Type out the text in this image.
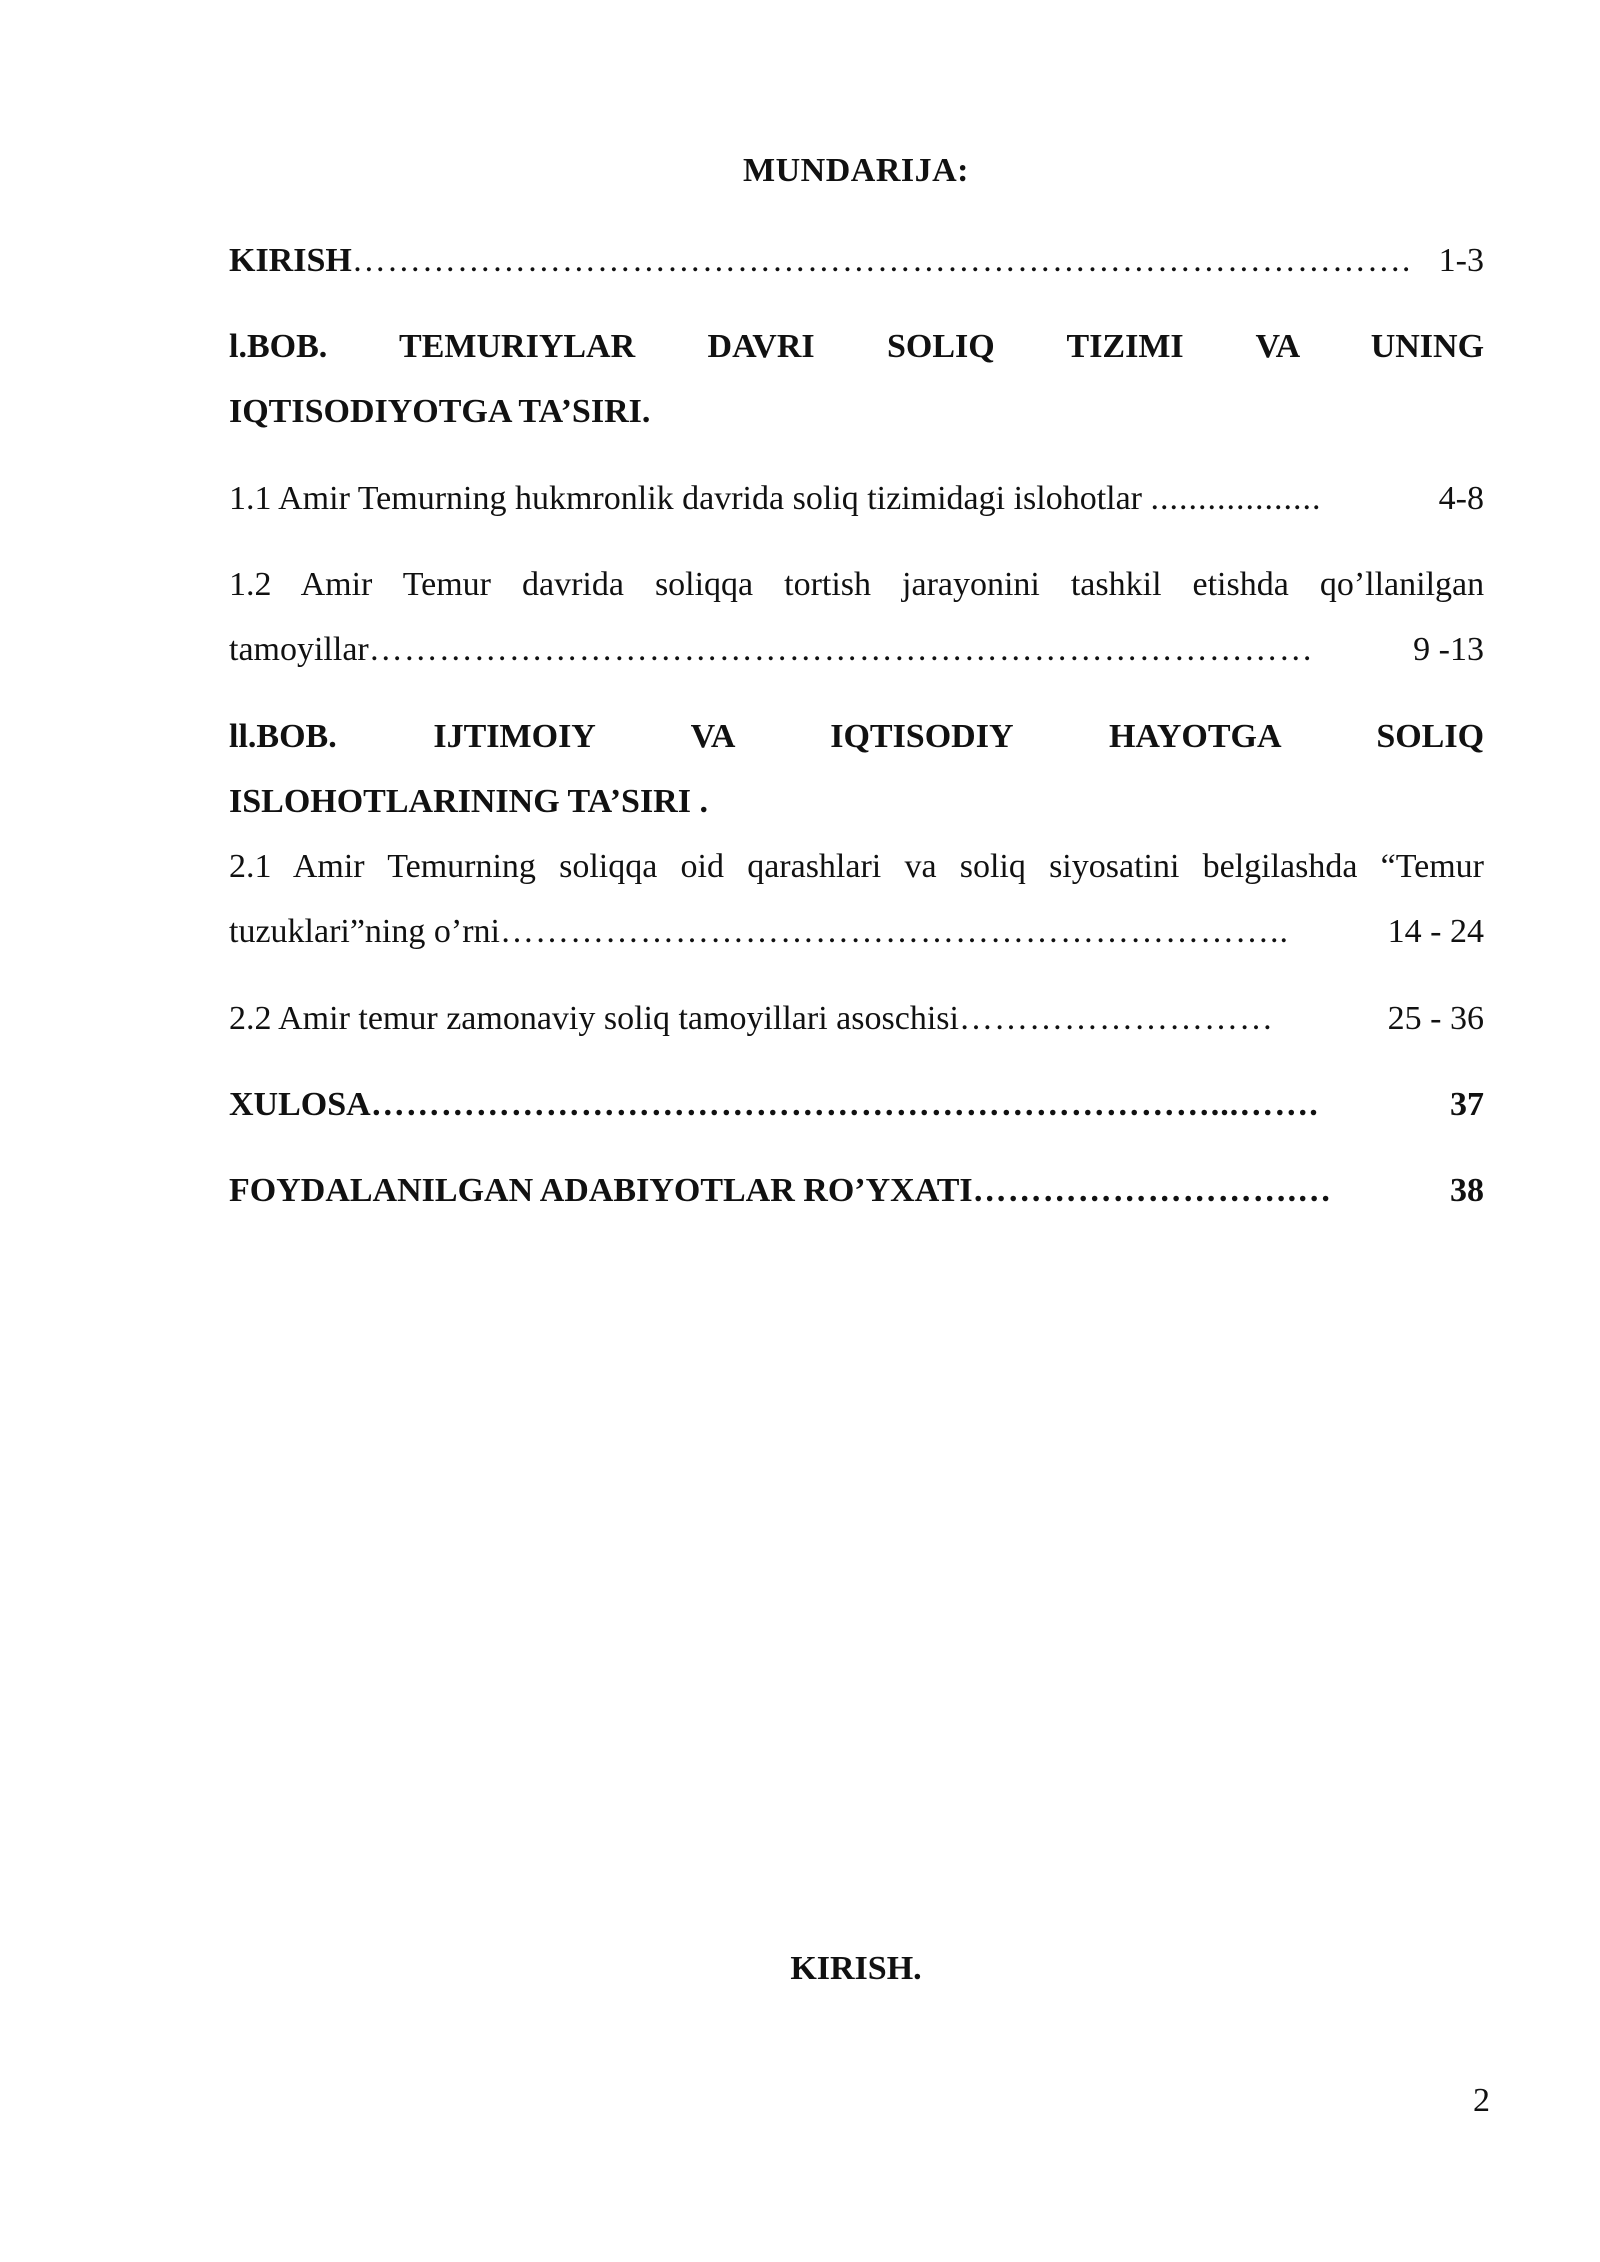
MUNDARIJA:
KIRISH ………………………………………………………………………………. 1-3
l.BOB. TEMURIYLAR DAVRI SOLIQ TIZIMI VA UNING
IQTISODIYOTGA TA’SIRI.
1.1 Amir Temurning hukmronlik davrida soliq tizimidagi islohotlar ..................	4-8
1.2 Amir Temur davrida soliqqa tortish jarayonini tashkil etishda qo’llanilgan
tamoyillar ………………………………………………………………………	9 -13
ll.BOB.	IJTIMOIY	VA	IQTISODIY	HAYOTGA	SOLIQ
ISLOHOTLARINING TA’SIRI .
2.1 Amir Temurning soliqqa oid qarashlari va soliq siyosatini belgilashda “Temur
tuzuklari”ning o’rni …………………………………………………………..	14 - 24
2.2 Amir temur zamonaviy soliq tamoyillari asoschisi ………………………	25 - 36
XULOSA ………………………………………………………………...…….	37
FOYDALANILGAN ADABIYOTLAR RO’YXATI ……………………….…	38
KIRISH.
2
